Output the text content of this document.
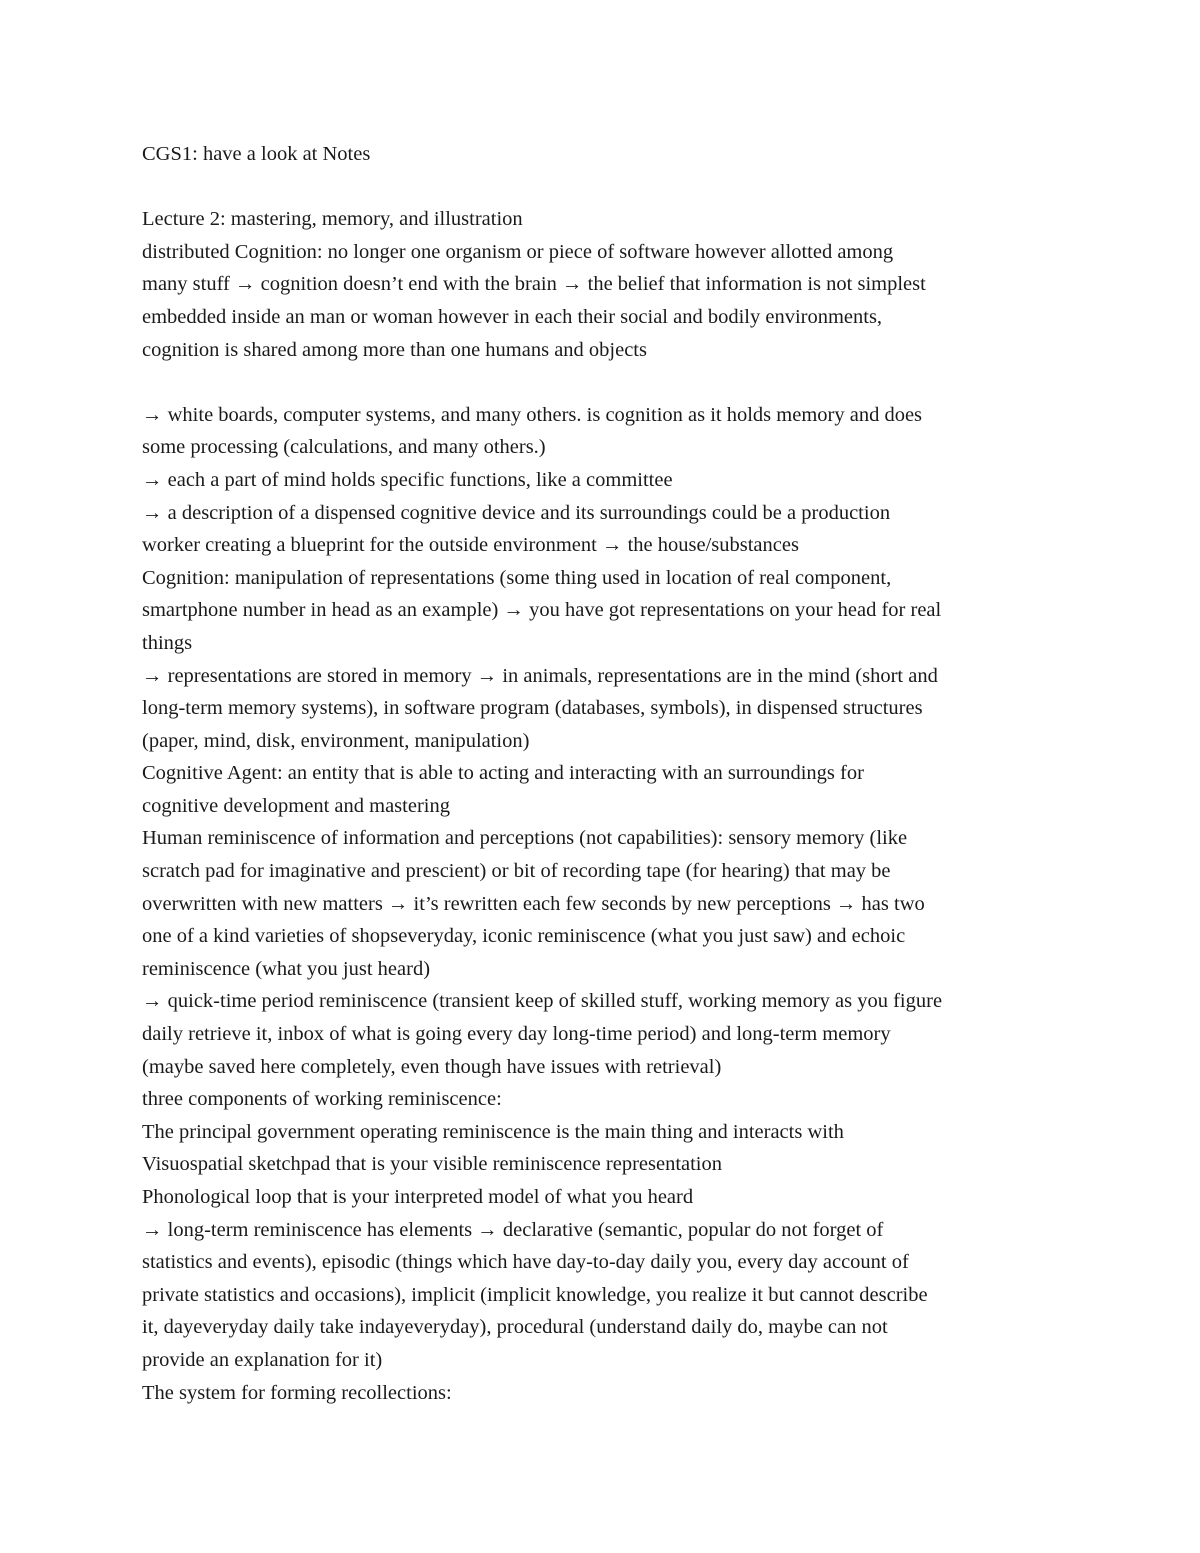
CGS1: have a look at Notes
Lecture 2: mastering, memory, and illustration
distributed Cognition: no longer one organism or piece of software however allotted among
many stuff → cognition doesn’t end with the brain → the belief that information is not simplest
embedded inside an man or woman however in each their social and bodily environments,
cognition is shared among more than one humans and objects
→ white boards, computer systems, and many others. is cognition as it holds memory and does
some processing (calculations, and many others.)
→ each a part of mind holds specific functions, like a committee
→ a description of a dispensed cognitive device and its surroundings could be a production
worker creating a blueprint for the outside environment → the house/substances
Cognition: manipulation of representations (some thing used in location of real component,
smartphone number in head as an example) → you have got representations on your head for real
things
→ representations are stored in memory → in animals, representations are in the mind (short and
long-term memory systems), in software program (databases, symbols), in dispensed structures
(paper, mind, disk, environment, manipulation)
Cognitive Agent: an entity that is able to acting and interacting with an surroundings for
cognitive development and mastering
Human reminiscence of information and perceptions (not capabilities): sensory memory (like
scratch pad for imaginative and prescient) or bit of recording tape (for hearing) that may be
overwritten with new matters → it’s rewritten each few seconds by new perceptions → has two
one of a kind varieties of shopseveryday, iconic reminiscence (what you just saw) and echoic
reminiscence (what you just heard)
→ quick-time period reminiscence (transient keep of skilled stuff, working memory as you figure
daily retrieve it, inbox of what is going every day long-time period) and long-term memory
(maybe saved here completely, even though have issues with retrieval)
three components of working reminiscence:
The principal government operating reminiscence is the main thing and interacts with
Visuospatial sketchpad that is your visible reminiscence representation
Phonological loop that is your interpreted model of what you heard
→ long-term reminiscence has elements → declarative (semantic, popular do not forget of
statistics and events), episodic (things which have day-to-day daily you, every day account of
private statistics and occasions), implicit (implicit knowledge, you realize it but cannot describe
it, dayeveryday daily take indayeveryday), procedural (understand daily do, maybe can not
provide an explanation for it)
The system for forming recollections:
